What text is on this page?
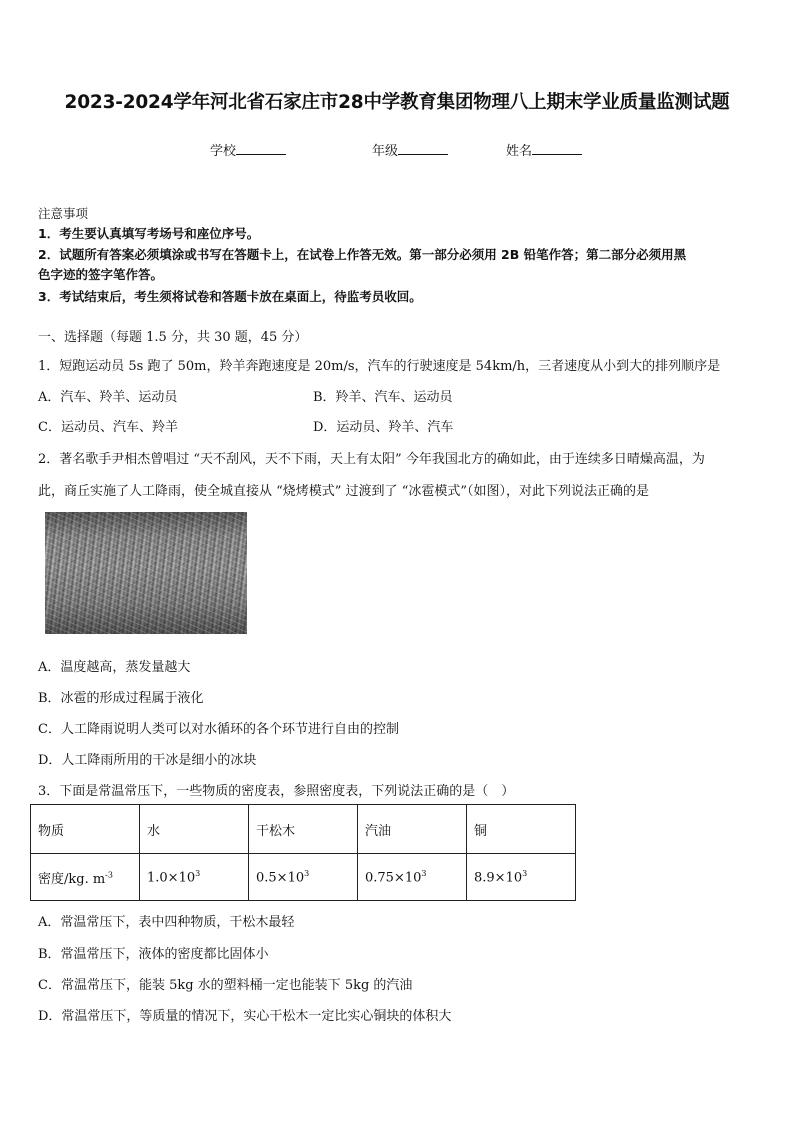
2023-2024学年河北省石家庄市28中学教育集团物理八上期末学业质量监测试题
学校	年级	姓名
注意事项
1．考生要认真填写考场号和座位序号。
2．试题所有答案必须填涂或书写在答题卡上，在试卷上作答无效。第一部分必须用 2B 铅笔作答；第二部分必须用黑
色字迹的签字笔作答。
3．考试结束后，考生须将试卷和答题卡放在桌面上，待监考员收回。
一、选择题（每题 1.5 分，共 30 题，45 分）
1．短跑运动员 5s 跑了 50m，羚羊奔跑速度是 20m/s，汽车的行驶速度是 54km/h，三者速度从小到大的排列顺序是
A．汽车、羚羊、运动员	B．羚羊、汽车、运动员
C．运动员、汽车、羚羊	D．运动员、羚羊、汽车
2．著名歌手尹相杰曾唱过 “天不刮风，天不下雨，天上有太阳” 今年我国北方的确如此，由于连续多日晴燥高温，为
此，商丘实施了人工降雨，使全城直接从 “烧烤模式” 过渡到了 “冰雹模式”（如图），对此下列说法正确的是
A．温度越高，蒸发量越大
B．冰雹的形成过程属于液化
C．人工降雨说明人类可以对水循环的各个环节进行自由的控制
D．人工降雨所用的干冰是细小的冰块
3．下面是常温常压下，一些物质的密度表，参照密度表，下列说法正确的是（　）
物质	水	干松木	汽油	铜
密度/kg. $m^{-3}$	$1.0\times 10^3$	$0.5\times 10^3$	$0.75\times 10^3$	$8.9\times 10^3$
A．常温常压下，表中四种物质，干松木最轻
B．常温常压下，液体的密度都比固体小
C．常温常压下，能装 5kg 水的塑料桶一定也能装下 5kg 的汽油
D．常温常压下，等质量的情况下，实心干松木一定比实心铜块的体积大
